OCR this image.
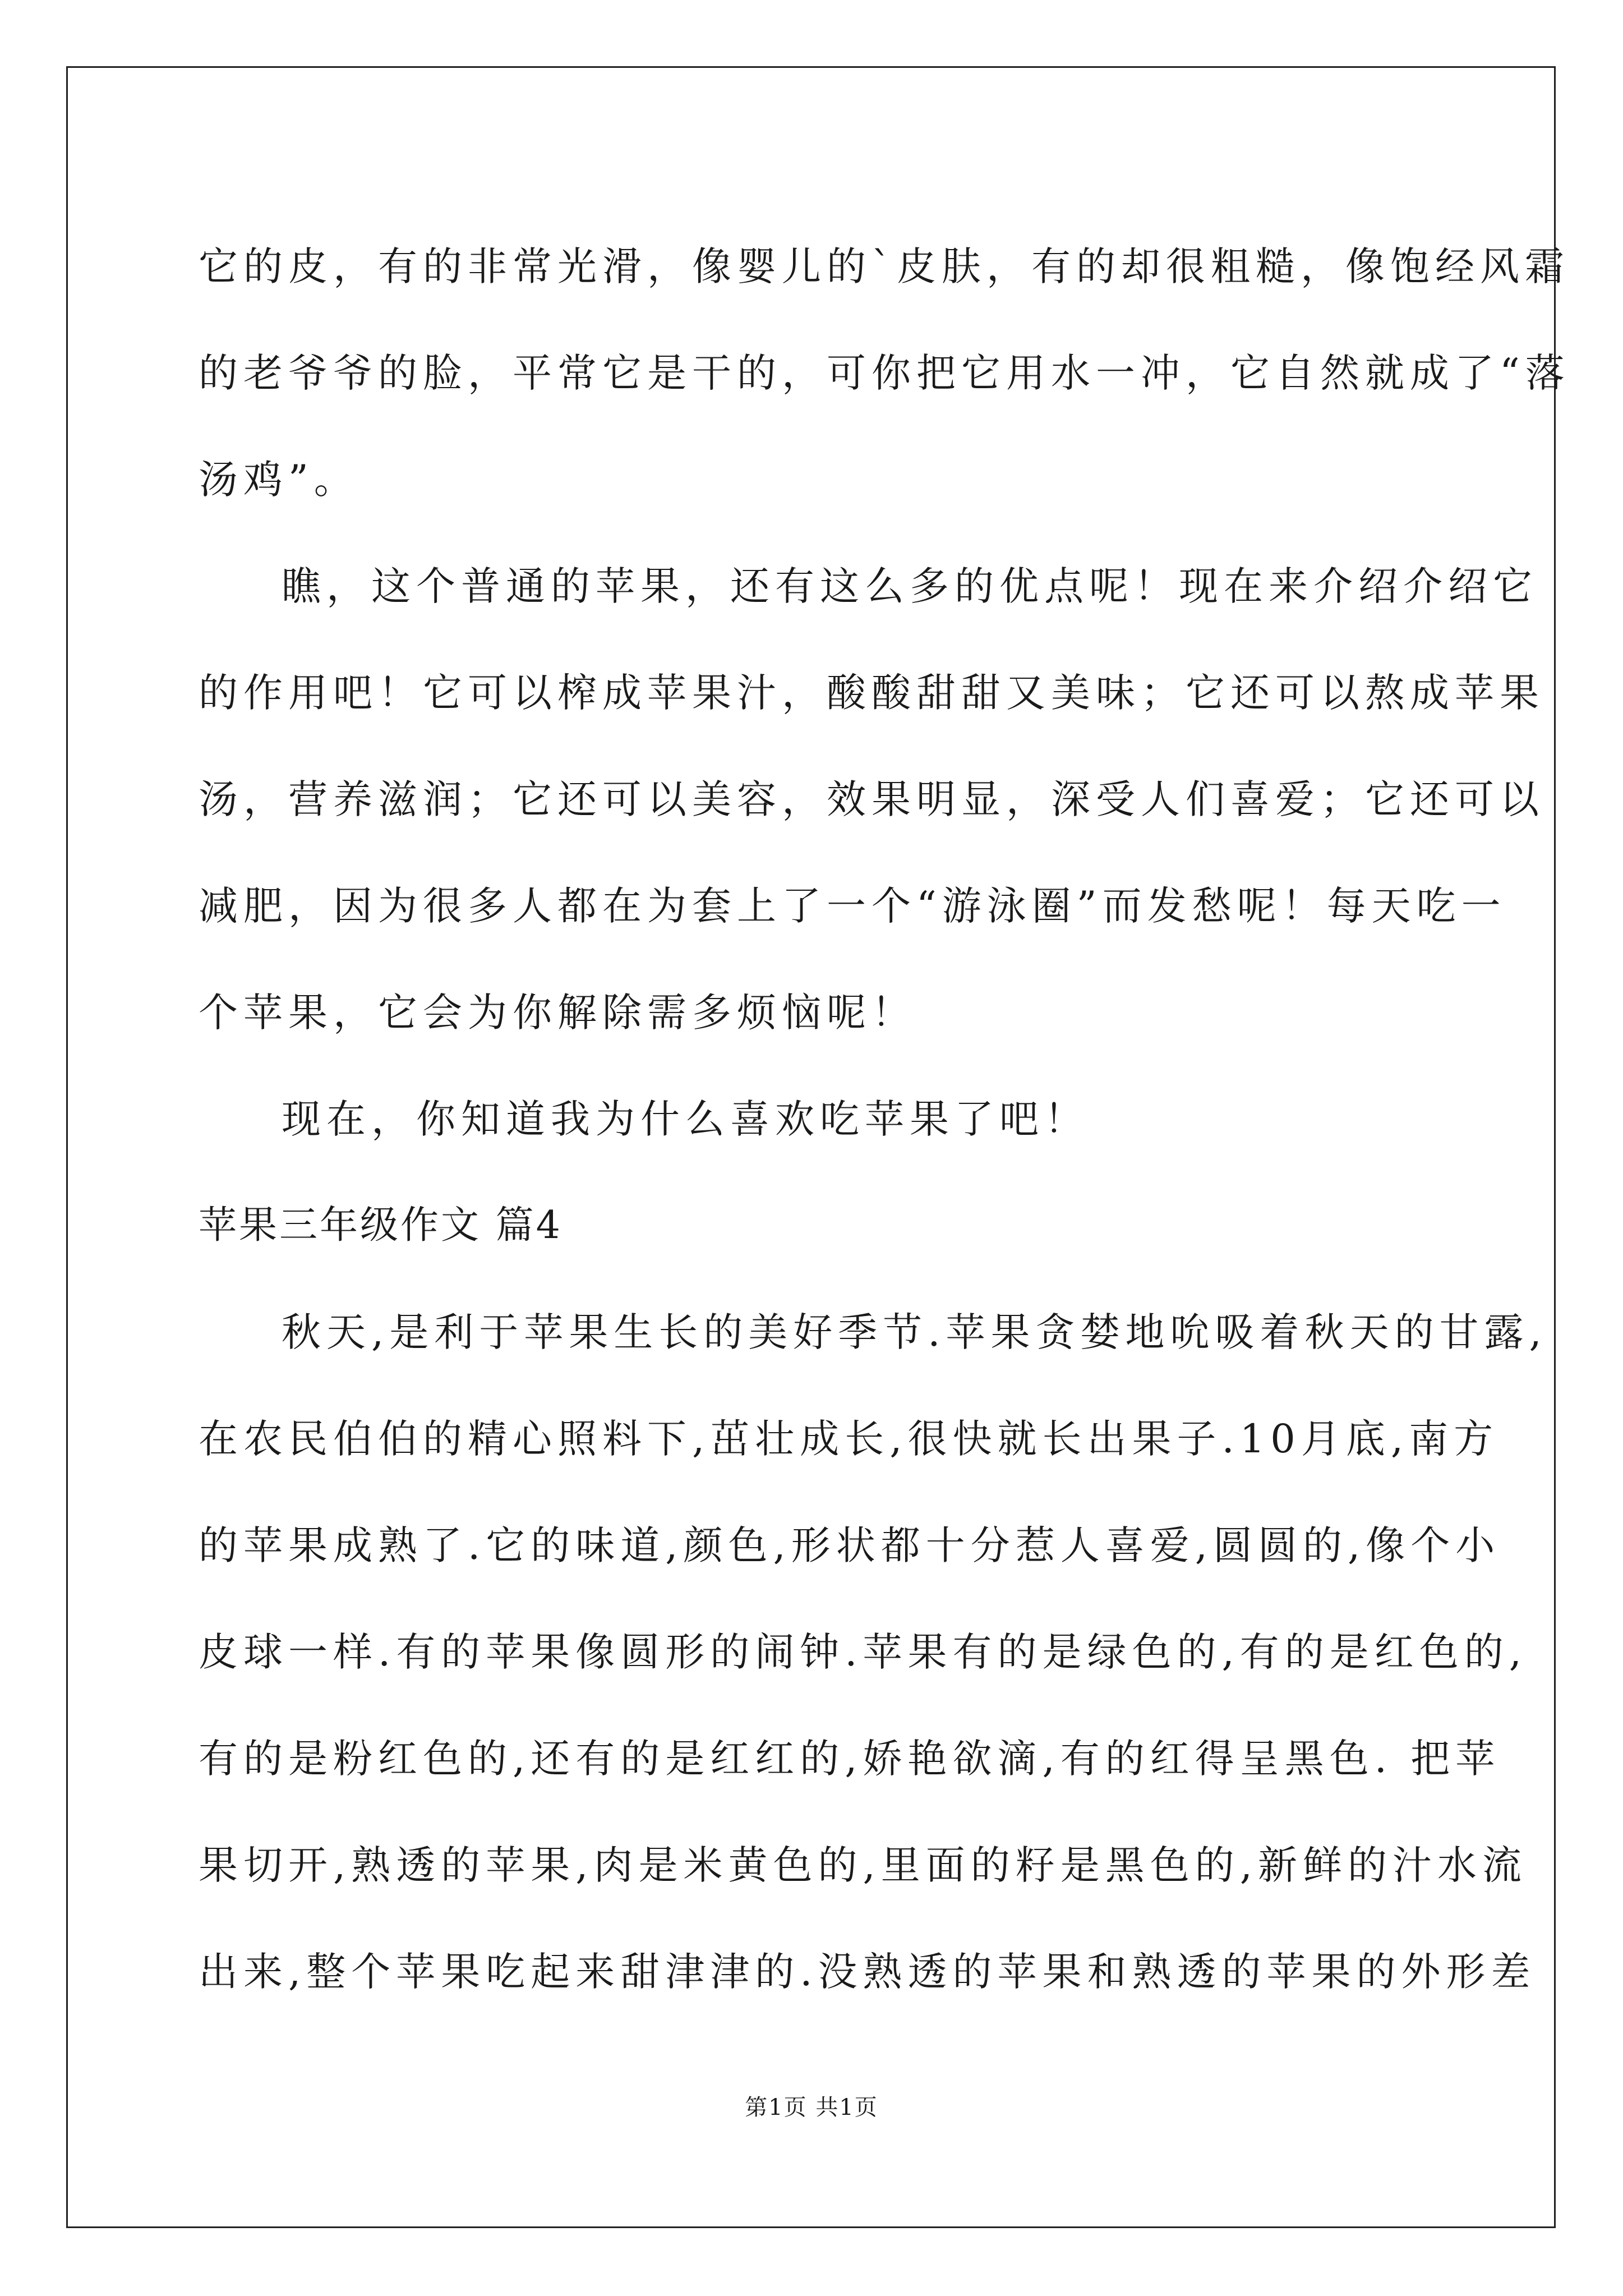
它的皮，有的非常光滑，像婴儿的`皮肤，有的却很粗糙，像饱经风霜
的老爷爷的脸，平常它是干的，可你把它用水一冲，它自然就成了“落
汤鸡”。
瞧，这个普通的苹果，还有这么多的优点呢！现在来介绍介绍它
的作用吧！它可以榨成苹果汁，酸酸甜甜又美味；它还可以熬成苹果
汤，营养滋润；它还可以美容，效果明显，深受人们喜爱；它还可以
减肥，因为很多人都在为套上了一个“游泳圈”而发愁呢！每天吃一
个苹果，它会为你解除需多烦恼呢！
现在，你知道我为什么喜欢吃苹果了吧！
苹果三年级作文 篇4
秋天,是利于苹果生长的美好季节.苹果贪婪地吮吸着秋天的甘露,
在农民伯伯的精心照料下,茁壮成长,很快就长出果子.10月底,南方
的苹果成熟了.它的味道,颜色,形状都十分惹人喜爱,圆圆的,像个小
皮球一样.有的苹果像圆形的闹钟.苹果有的是绿色的,有的是红色的,
有的是粉红色的,还有的是红红的,娇艳欲滴,有的红得呈黑色. 把苹
果切开,熟透的苹果,肉是米黄色的,里面的籽是黑色的,新鲜的汁水流
出来,整个苹果吃起来甜津津的.没熟透的苹果和熟透的苹果的外形差
第1页 共1页
